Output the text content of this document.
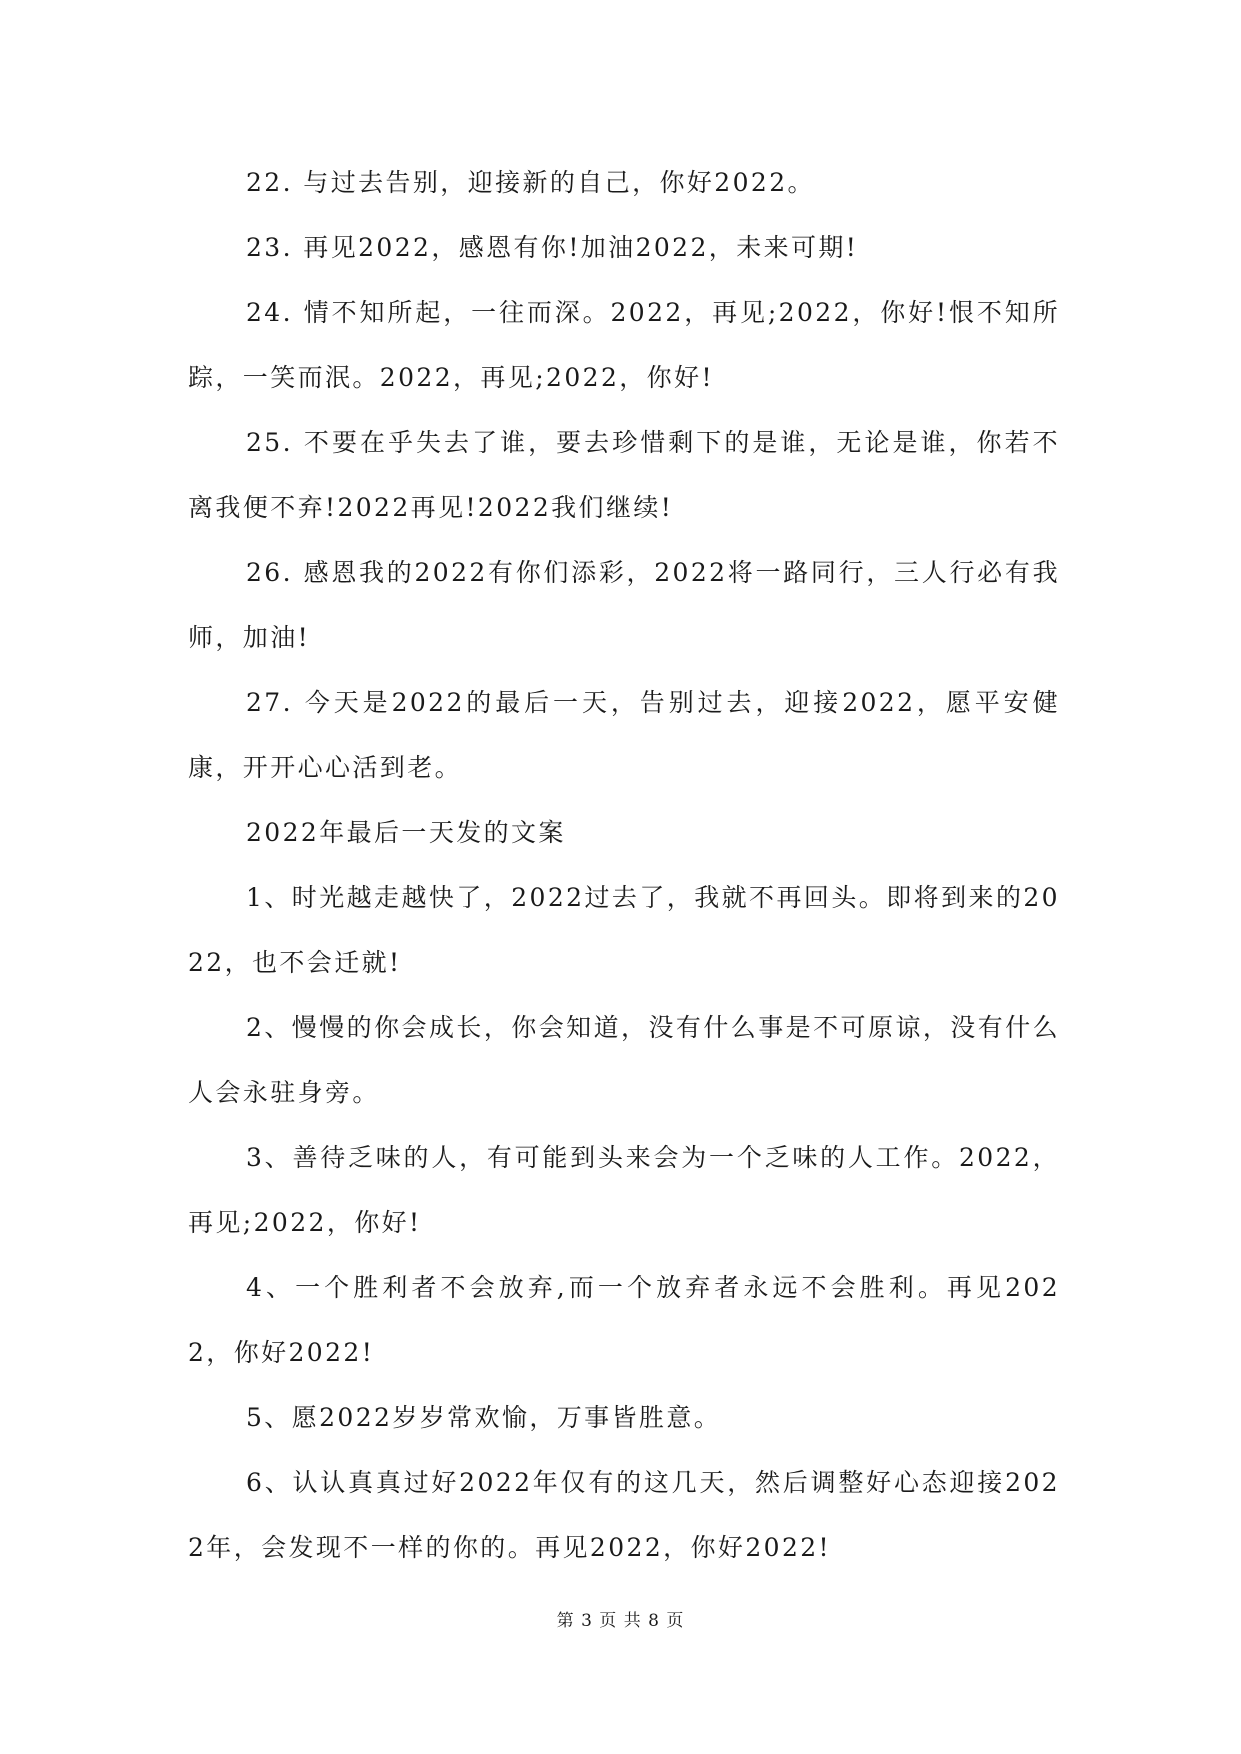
22. 与过去告别，迎接新的自己，你好2022。

23. 再见2022，感恩有你!加油2022，未来可期!

24. 情不知所起，一往而深。2022，再见;2022，你好!恨不知所踪，一笑而泯。2022，再见;2022，你好!

25. 不要在乎失去了谁，要去珍惜剩下的是谁，无论是谁，你若不离我便不弃!2022再见!2022我们继续!

26. 感恩我的2022有你们添彩，2022将一路同行，三人行必有我师，加油!

27. 今天是2022的最后一天，告别过去，迎接2022，愿平安健康，开开心心活到老。

2022年最后一天发的文案

1、时光越走越快了，2022过去了，我就不再回头。即将到来的2022，也不会迁就!

2、慢慢的你会成长，你会知道，没有什么事是不可原谅，没有什么人会永驻身旁。

3、善待乏味的人，有可能到头来会为一个乏味的人工作。2022，再见;2022，你好!

4、一个胜利者不会放弃,而一个放弃者永远不会胜利。再见2022，你好2022!

5、愿2022岁岁常欢愉，万事皆胜意。

6、认认真真过好2022年仅有的这几天，然后调整好心态迎接2022年，会发现不一样的你的。再见2022，你好2022!

第 3 页 共 8 页
